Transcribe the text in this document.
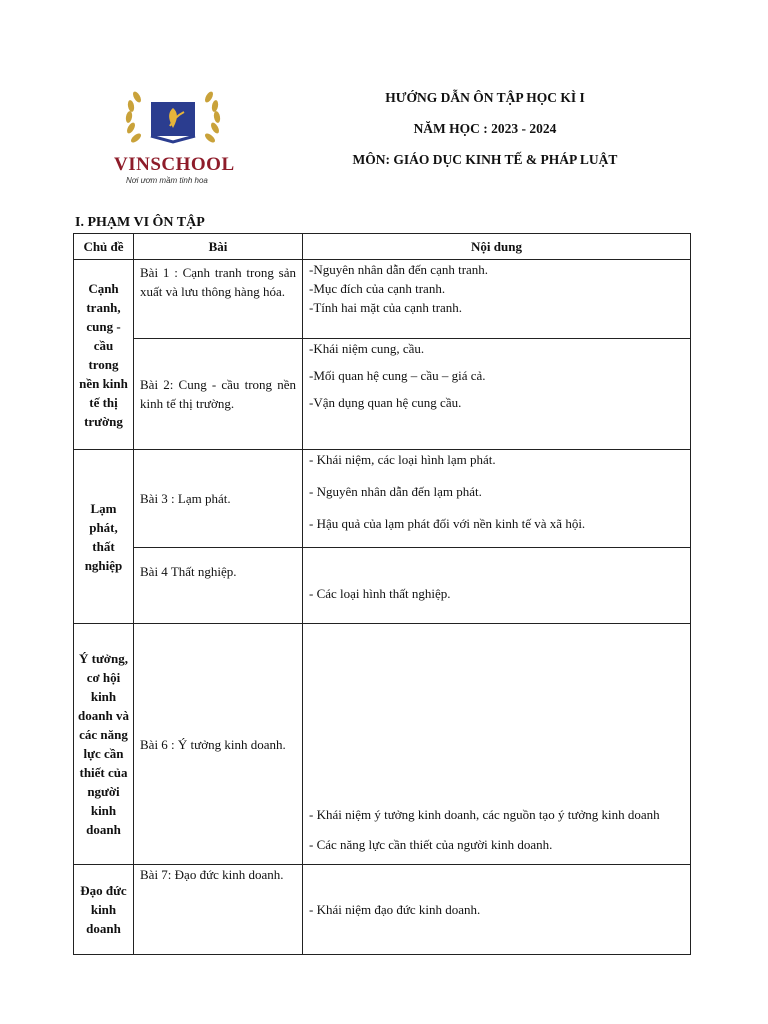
VINSCHOOL
Nơi ươm mầm tinh hoa
HƯỚNG DẪN ÔN TẬP HỌC KÌ I
NĂM HỌC : 2023 - 2024
MÔN: GIÁO DỤC KINH TẾ & PHÁP LUẬT
I. PHẠM VI ÔN TẬP
Chủ đề	Bài	Nội dung
Cạnh tranh, cung - cầu trong nền kinh tế thị trường	Bài 1 : Cạnh tranh trong sản xuất và lưu thông hàng hóa.	-Nguyên nhân dẫn đến cạnh tranh.

-Mục đích của cạnh tranh.

-Tính hai mặt của cạnh tranh.

	Bài 2: Cung - cầu trong nền kinh tế thị trường.	-Khái niệm cung, cầu.

-Mối quan hệ cung – cầu – giá cả.

-Vận dụng quan hệ cung cầu.

Lạm phát, thất nghiệp	Bài 3 : Lạm phát.	- Khái niệm, các loại hình lạm phát.

- Nguyên nhân dẫn đến lạm phát.

- Hậu quả của lạm phát đối với nền kinh tế và xã hội.

	Bài 4 Thất nghiệp.	- Các loại hình thất nghiệp.

Ý tưởng, cơ hội kinh doanh và các năng lực cần thiết của người kinh doanh	Bài 6 : Ý tưởng kinh doanh.	- Khái niệm ý tưởng kinh doanh, các nguồn tạo ý tưởng kinh doanh

- Các năng lực cần thiết của người kinh doanh.

Đạo đức kinh doanh	Bài 7: Đạo đức kinh doanh.	- Khái niệm đạo đức kinh doanh.
